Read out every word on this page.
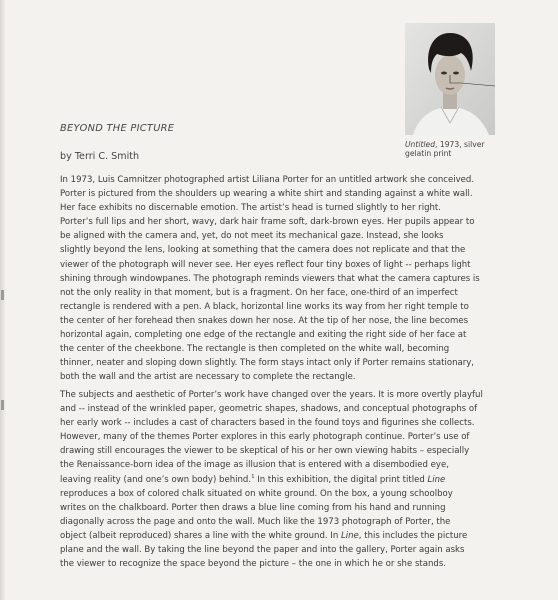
Untitled, 1973, silver
gelatin print
BEYOND THE PICTURE
by Terri C. Smith
In 1973, Luis Camnitzer photographed artist Liliana Porter for an untitled artwork she conceived.
Porter is pictured from the shoulders up wearing a white shirt and standing against a white wall.
Her face exhibits no discernable emotion. The artist’s head is turned slightly to her right.
Porter’s full lips and her short, wavy, dark hair frame soft, dark-brown eyes. Her pupils appear to
be aligned with the camera and, yet, do not meet its mechanical gaze. Instead, she looks
slightly beyond the lens, looking at something that the camera does not replicate and that the
viewer of the photograph will never see. Her eyes reflect four tiny boxes of light -- perhaps light
shining through windowpanes. The photograph reminds viewers that what the camera captures is
not the only reality in that moment, but is a fragment. On her face, one-third of an imperfect
rectangle is rendered with a pen. A black, horizontal line works its way from her right temple to
the center of her forehead then snakes down her nose. At the tip of her nose, the line becomes
horizontal again, completing one edge of the rectangle and exiting the right side of her face at
the center of the cheekbone. The rectangle is then completed on the white wall, becoming
thinner, neater and sloping down slightly. The form stays intact only if Porter remains stationary,
both the wall and the artist are necessary to complete the rectangle.
The subjects and aesthetic of Porter’s work have changed over the years. It is more overtly playful
and -- instead of the wrinkled paper, geometric shapes, shadows, and conceptual photographs of
her early work -- includes a cast of characters based in the found toys and figurines she collects.
However, many of the themes Porter explores in this early photograph continue. Porter’s use of
drawing still encourages the viewer to be skeptical of his or her own viewing habits – especially
the Renaissance-born idea of the image as illusion that is entered with a disembodied eye,
leaving reality (and one’s own body) behind.$^1$ In this exhibition, the digital print titled Line
reproduces a box of colored chalk situated on white ground. On the box, a young schoolboy
writes on the chalkboard. Porter then draws a blue line coming from his hand and running
diagonally across the page and onto the wall. Much like the 1973 photograph of Porter, the
object (albeit reproduced) shares a line with the white ground. In Line, this includes the picture
plane and the wall. By taking the line beyond the paper and into the gallery, Porter again asks
the viewer to recognize the space beyond the picture – the one in which he or she stands.
